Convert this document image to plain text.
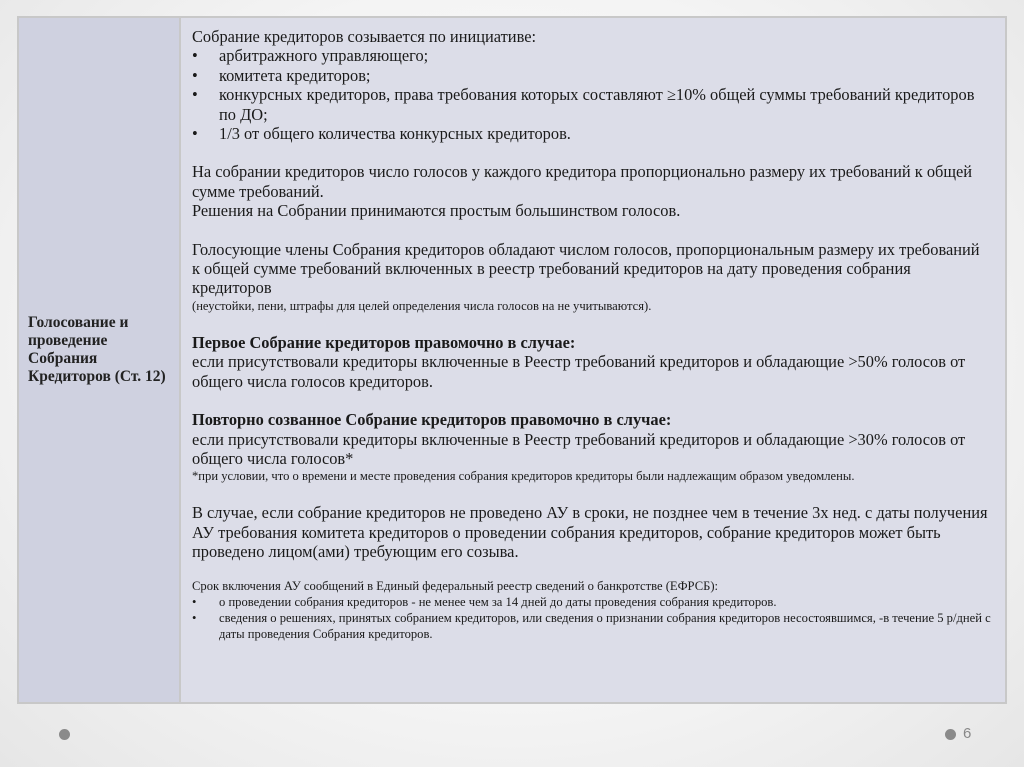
Голосование и проведение Собрания Кредиторов (Ст. 12)

Собрание кредиторов созывается по инициативе:

• арбитражного управляющего;
• комитета кредиторов;
• конкурсных кредиторов, права требования которых составляют ≥10% общей суммы требований кредиторов по ДО;
• 1/3 от общего количества конкурсных кредиторов.

На собрании кредиторов число голосов у каждого кредитора пропорционально размеру их требований к общей сумме требований.

Решения на Собрании принимаются простым большинством голосов.

Голосующие члены Собрания кредиторов обладают числом голосов, пропорциональным размеру их требований к общей сумме требований включенных в реестр требований кредиторов на дату проведения собрания кредиторов

(неустойки, пени, штрафы для целей определения числа голосов на не учитываются).

Первое Собрание кредиторов правомочно в случае:

если присутствовали кредиторы включенные в Реестр требований кредиторов и обладающие >50% голосов от общего числа голосов кредиторов.

Повторно созванное Собрание кредиторов правомочно в случае:

если присутствовали кредиторы включенные в Реестр требований кредиторов и обладающие >30% голосов от общего числа голосов*

*при условии, что о времени и месте проведения собрания кредиторов кредиторы были надлежащим образом уведомлены.

В случае, если собрание кредиторов не проведено АУ в сроки, не позднее чем в течение 3х нед. с даты получения АУ требования комитета кредиторов о проведении собрания кредиторов, собрание кредиторов может быть проведено лицом(ами) требующим его созыва.

Срок включения АУ сообщений в Единый федеральный реестр сведений о банкротстве (ЕФРСБ):

• о проведении собрания кредиторов - не менее чем за 14 дней до даты проведения собрания кредиторов.
• сведения о решениях, принятых собранием кредиторов, или сведения о признании собрания кредиторов несостоявшимся, -в течение 5 р/дней с даты проведения Собрания кредиторов.
6
